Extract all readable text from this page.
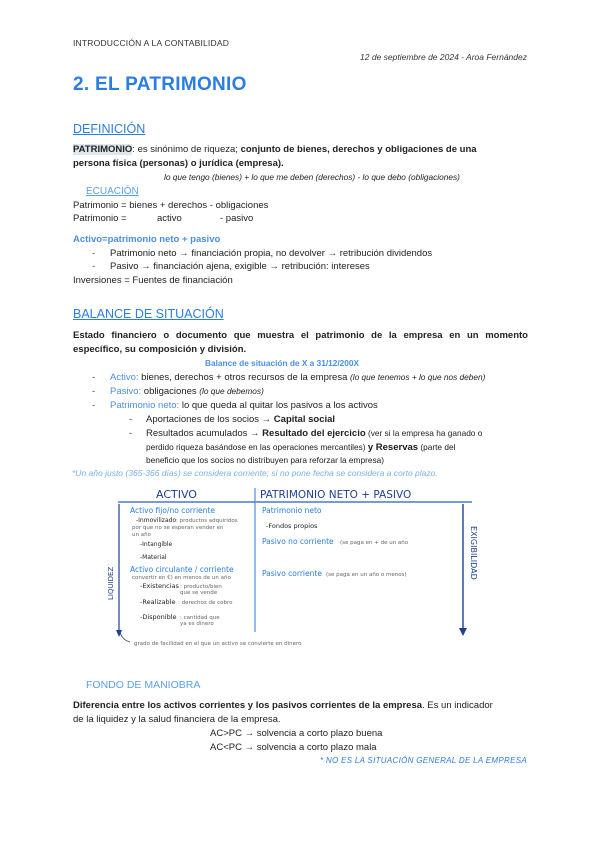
INTRODUCCIÓN A LA CONTABILIDAD
12 de septiembre de 2024 - Aroa Fernández
2. EL PATRIMONIO
DEFINICIÓN
PATRIMONIO: es sinónimo de riqueza; conjunto de bienes, derechos y obligaciones de una
persona física (personas) o jurídica (empresa).
lo que tengo (bienes) + lo que me deben (derechos) - lo que debo (obligaciones)
ECUACIÓN
Patrimonio = bienes + derechos - obligaciones
Patrimonio =	activo	- pasivo
Activo=patrimonio neto + pasivo
- Patrimonio neto → financiación propia, no devolver → retribución dividendos
- Pasivo → financiación ajena, exigible → retribución: intereses
Inversiones = Fuentes de financiación
BALANCE DE SITUACIÓN
Estado financiero o documento que muestra el patrimonio de la empresa en un momento
específico, su composición y división.
Balance de situación de X a 31/12/200X
- Activo: bienes, derechos + otros recursos de la empresa (lo que tenemos + lo que nos deben)
- Pasivo: obligaciones (lo que debemos)
- Patrimonio neto: lo que queda al quitar los pasivos a los activos
- Aportaciones de los socios → Capital social
- Resultados acumulados → Resultado del ejercicio (ver si la empresa ha ganado o
perdido riqueza basándose en las operaciones mercantiles) y Reservas (parte del
beneficio que los socios no distribuyen para reforzar la empresa)
*Un año justo (365-366 días) se considera corriente; si no pone fecha se considera a corto plazo.
ACTIVO	PATRIMONIO NETO + PASIVO
Activo fijo/no corriente
-Inmovilizado : productos adquiridos
por que no se esperan vender en
un año
-Intangible
-Material
Activo circulante / corriente
convertir en €) en menos de un año
-Existencias : producto/bien
que se vende
-Realizable : derechos de cobro
-Disponible : cantidad que
ya es dinero
Patrimonio neto
-Fondos propios
Pasivo no corriente (se paga en + de un año
Pasivo corriente (se paga en un año o menos)
LIQUIDEZ
EXIGIBILIDAD
grado de facilidad en el que un activo se convierte en dinero
FONDO DE MANIOBRA
Diferencia entre los activos corrientes y los pasivos corrientes de la empresa. Es un indicador
de la liquidez y la salud financiera de la empresa.
AC>PC → solvencia a corto plazo buena
AC<PC → solvencia a corto plazo mala
* NO ES LA SITUACIÓN GENERAL DE LA EMPRESA
